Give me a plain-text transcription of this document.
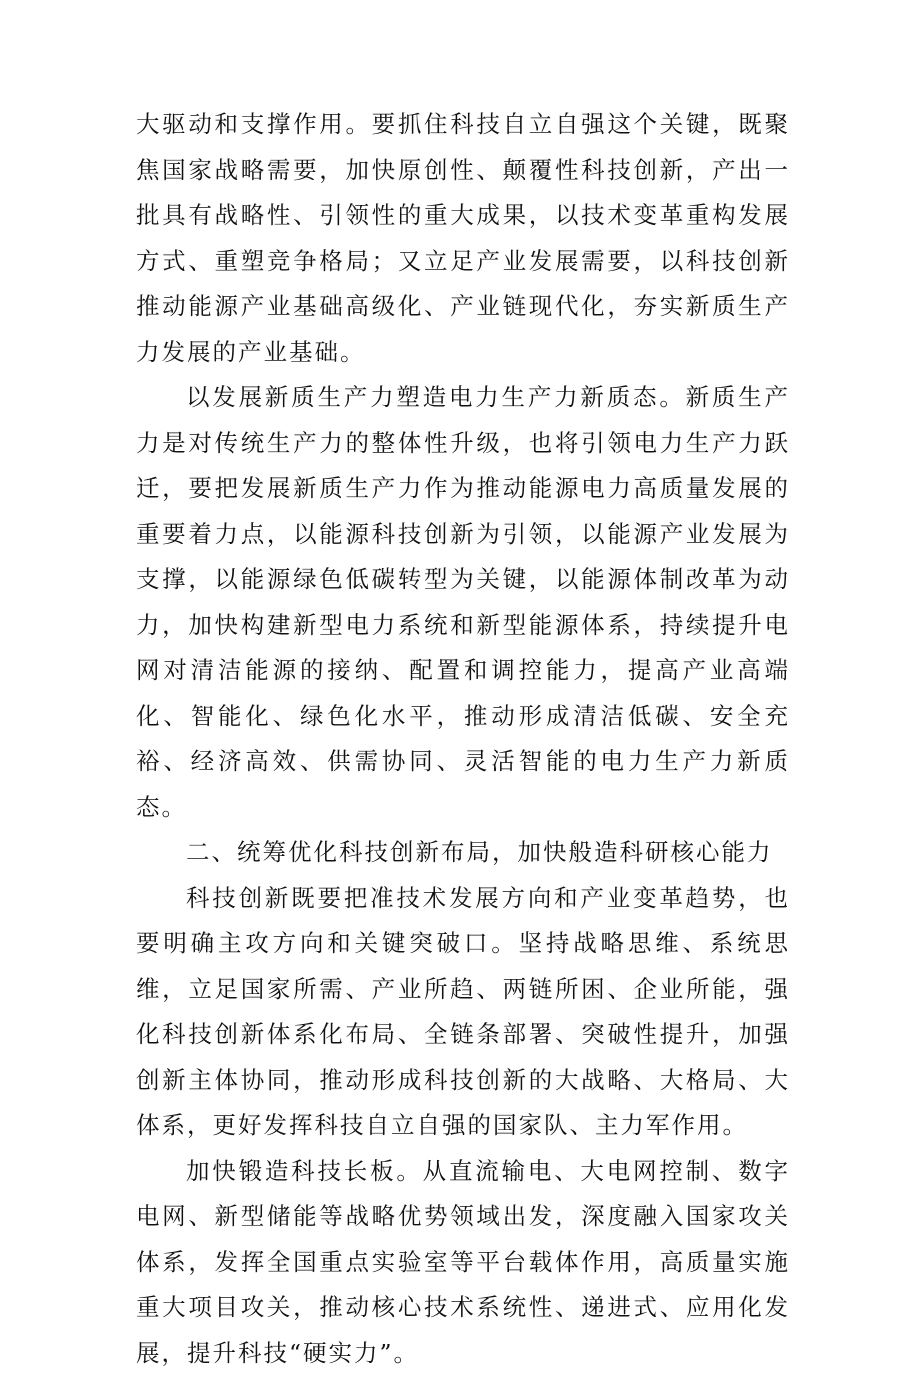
大驱动和支撑作用。要抓住科技自立自强这个关键，既聚焦国家战略需要，加快原创性、颠覆性科技创新，产出一批具有战略性、引领性的重大成果，以技术变革重构发展方式、重塑竞争格局；又立足产业发展需要，以科技创新推动能源产业基础高级化、产业链现代化，夯实新质生产力发展的产业基础。

以发展新质生产力塑造电力生产力新质态。新质生产力是对传统生产力的整体性升级，也将引领电力生产力跃迁，要把发展新质生产力作为推动能源电力高质量发展的重要着力点，以能源科技创新为引领，以能源产业发展为支撑，以能源绿色低碳转型为关键，以能源体制改革为动力，加快构建新型电力系统和新型能源体系，持续提升电网对清洁能源的接纳、配置和调控能力，提高产业高端化、智能化、绿色化水平，推动形成清洁低碳、安全充裕、经济高效、供需协同、灵活智能的电力生产力新质态。

二、统筹优化科技创新布局，加快般造科研核心能力

科技创新既要把准技术发展方向和产业变革趋势，也要明确主攻方向和关键突破口。坚持战略思维、系统思维，立足国家所需、产业所趋、两链所困、企业所能，强化科技创新体系化布局、全链条部署、突破性提升，加强创新主体协同，推动形成科技创新的大战略、大格局、大体系，更好发挥科技自立自强的国家队、主力军作用。

加快锻造科技长板。从直流输电、大电网控制、数字电网、新型储能等战略优势领域出发，深度融入国家攻关体系，发挥全国重点实验室等平台载体作用，高质量实施重大项目攻关，推动核心技术系统性、递进式、应用化发展，提升科技“硬实力”。
